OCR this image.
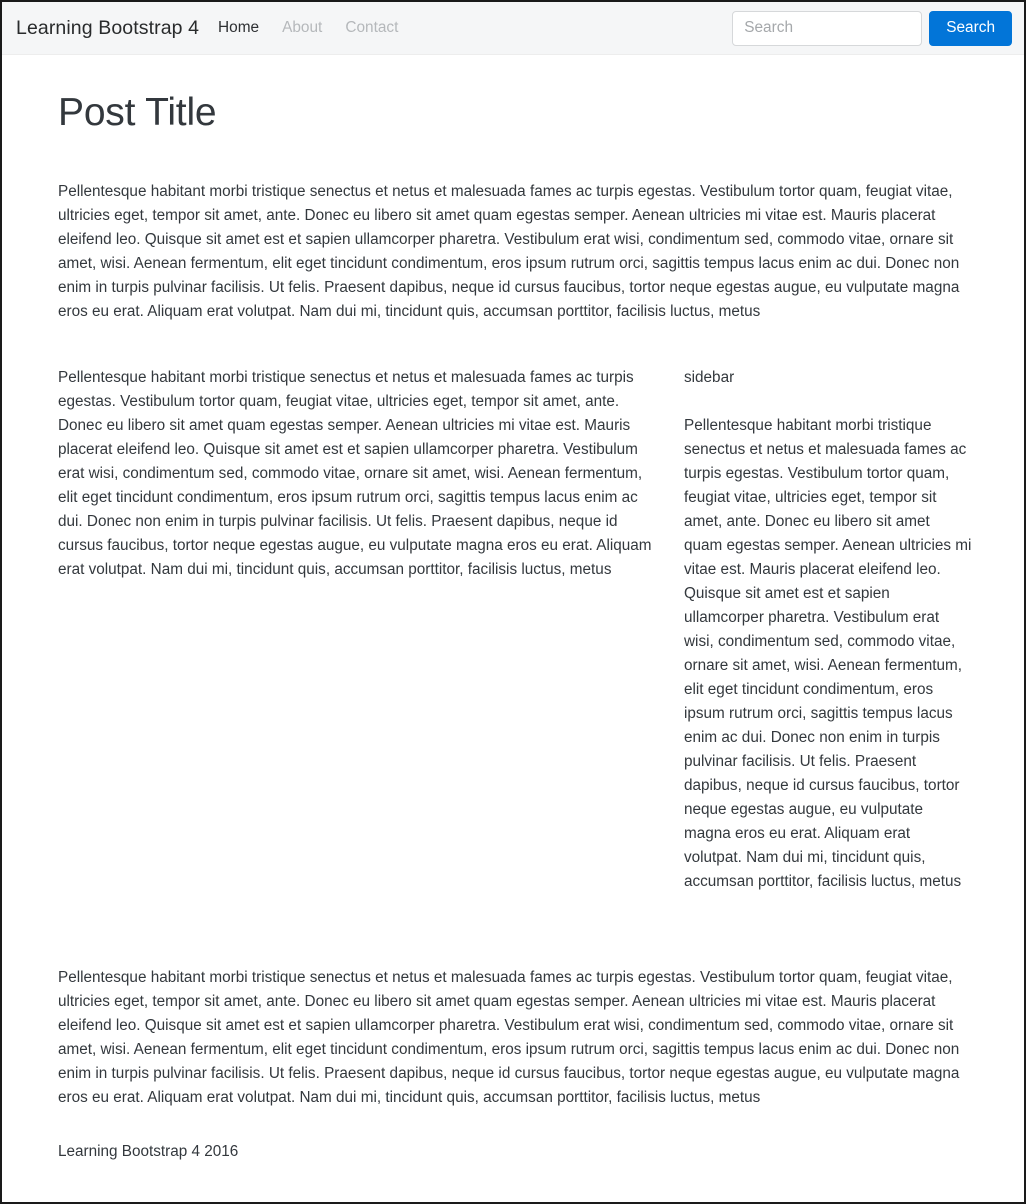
Learning Bootstrap 4 Home About Contact
Search	Search
Post Title

Pellentesque habitant morbi tristique senectus et netus et malesuada fames ac turpis egestas. Vestibulum tortor quam, feugiat vitae, ultricies eget, tempor sit amet, ante. Donec eu libero sit amet quam egestas semper. Aenean ultricies mi vitae est. Mauris placerat eleifend leo. Quisque sit amet est et sapien ullamcorper pharetra. Vestibulum erat wisi, condimentum sed, commodo vitae, ornare sit amet, wisi. Aenean fermentum, elit eget tincidunt condimentum, eros ipsum rutrum orci, sagittis tempus lacus enim ac dui. Donec non enim in turpis pulvinar facilisis. Ut felis. Praesent dapibus, neque id cursus faucibus, tortor neque egestas augue, eu vulputate magna eros eu erat. Aliquam erat volutpat. Nam dui mi, tincidunt quis, accumsan porttitor, facilisis luctus, metus

Pellentesque habitant morbi tristique senectus et netus et malesuada fames ac turpis egestas. Vestibulum tortor quam, feugiat vitae, ultricies eget, tempor sit amet, ante. Donec eu libero sit amet quam egestas semper. Aenean ultricies mi vitae est. Mauris placerat eleifend leo. Quisque sit amet est et sapien ullamcorper pharetra. Vestibulum erat wisi, condimentum sed, commodo vitae, ornare sit amet, wisi. Aenean fermentum, elit eget tincidunt condimentum, eros ipsum rutrum orci, sagittis tempus lacus enim ac dui. Donec non enim in turpis pulvinar facilisis. Ut felis. Praesent dapibus, neque id cursus faucibus, tortor neque egestas augue, eu vulputate magna eros eu erat. Aliquam erat volutpat. Nam dui mi, tincidunt quis, accumsan porttitor, facilisis luctus, metus

sidebar

Pellentesque habitant morbi tristique senectus et netus et malesuada fames ac turpis egestas. Vestibulum tortor quam, feugiat vitae, ultricies eget, tempor sit amet, ante. Donec eu libero sit amet quam egestas semper. Aenean ultricies mi vitae est. Mauris placerat eleifend leo. Quisque sit amet est et sapien ullamcorper pharetra. Vestibulum erat wisi, condimentum sed, commodo vitae, ornare sit amet, wisi. Aenean fermentum, elit eget tincidunt condimentum, eros ipsum rutrum orci, sagittis tempus lacus enim ac dui. Donec non enim in turpis pulvinar facilisis. Ut felis. Praesent dapibus, neque id cursus faucibus, tortor neque egestas augue, eu vulputate magna eros eu erat. Aliquam erat volutpat. Nam dui mi, tincidunt quis, accumsan porttitor, facilisis luctus, metus

Pellentesque habitant morbi tristique senectus et netus et malesuada fames ac turpis egestas. Vestibulum tortor quam, feugiat vitae, ultricies eget, tempor sit amet, ante. Donec eu libero sit amet quam egestas semper. Aenean ultricies mi vitae est. Mauris placerat eleifend leo. Quisque sit amet est et sapien ullamcorper pharetra. Vestibulum erat wisi, condimentum sed, commodo vitae, ornare sit amet, wisi. Aenean fermentum, elit eget tincidunt condimentum, eros ipsum rutrum orci, sagittis tempus lacus enim ac dui. Donec non enim in turpis pulvinar facilisis. Ut felis. Praesent dapibus, neque id cursus faucibus, tortor neque egestas augue, eu vulputate magna eros eu erat. Aliquam erat volutpat. Nam dui mi, tincidunt quis, accumsan porttitor, facilisis luctus, metus

Learning Bootstrap 4 2016
